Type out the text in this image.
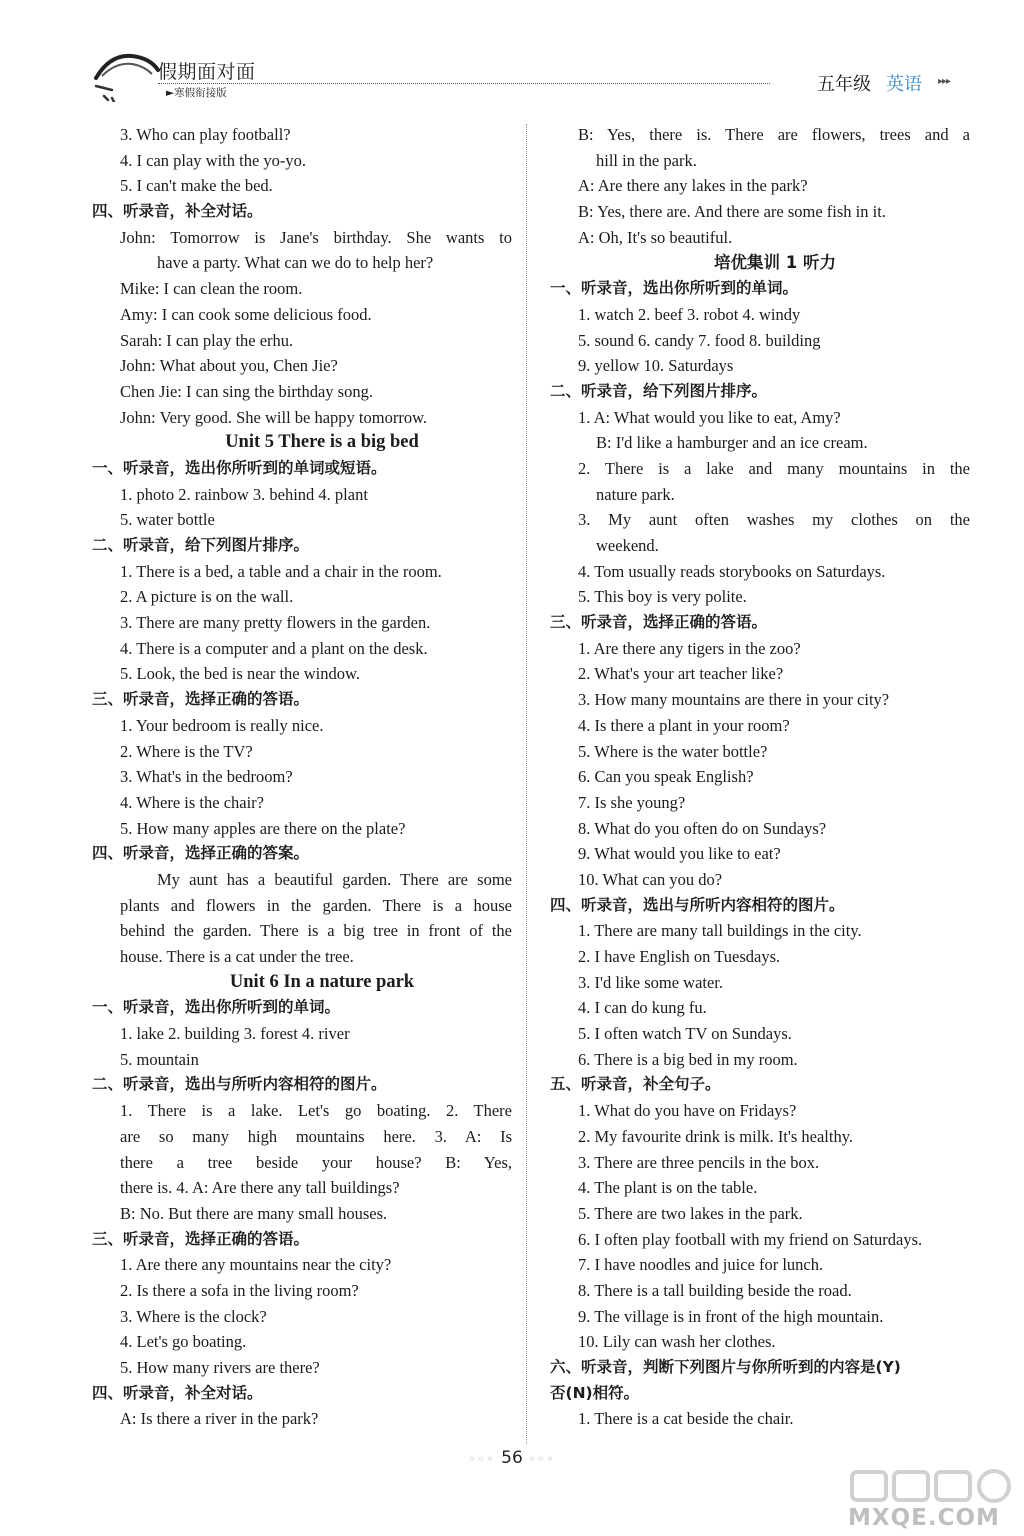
假期面对面
►寒假衔接版	五年级 英语 ▸▸▸
3. Who can play football?
4. I can play with the yo-yo.
5. I can't make the bed.
四、听录音，补全对话。
John: Tomorrow is Jane's birthday. She wants to
have a party. What can we do to help her?
Mike: I can clean the room.
Amy: I can cook some delicious food.
Sarah: I can play the erhu.
John: What about you, Chen Jie?
Chen Jie: I can sing the birthday song.
John: Very good. She will be happy tomorrow.
Unit 5 There is a big bed
一、听录音，选出你所听到的单词或短语。
1. photo 2. rainbow 3. behind 4. plant
5. water bottle
二、听录音，给下列图片排序。
1. There is a bed, a table and a chair in the room.
2. A picture is on the wall.
3. There are many pretty flowers in the garden.
4. There is a computer and a plant on the desk.
5. Look, the bed is near the window.
三、听录音，选择正确的答语。
1. Your bedroom is really nice.
2. Where is the TV?
3. What's in the bedroom?
4. Where is the chair?
5. How many apples are there on the plate?
四、听录音，选择正确的答案。
My aunt has a beautiful garden. There are some
plants and flowers in the garden. There is a house
behind the garden. There is a big tree in front of the
house. There is a cat under the tree.
Unit 6 In a nature park
一、听录音，选出你所听到的单词。
1. lake 2. building 3. forest 4. river
5. mountain
二、听录音，选出与所听内容相符的图片。
1. There is a lake. Let's go boating. 2. There
are so many high mountains here. 3. A: Is
there a tree beside your house? B: Yes,
there is. 4. A: Are there any tall buildings?
B: No. But there are many small houses.
三、听录音，选择正确的答语。
1. Are there any mountains near the city?
2. Is there a sofa in the living room?
3. Where is the clock?
4. Let's go boating.
5. How many rivers are there?
四、听录音，补全对话。
A: Is there a river in the park?
B: Yes, there is. There are flowers, trees and a
hill in the park.
A: Are there any lakes in the park?
B: Yes, there are. And there are some fish in it.
A: Oh, It's so beautiful.
培优集训 1 听力
一、听录音，选出你所听到的单词。
1. watch 2. beef 3. robot 4. windy
5. sound 6. candy 7. food 8. building
9. yellow 10. Saturdays
二、听录音，给下列图片排序。
1. A: What would you like to eat, Amy?
B: I'd like a hamburger and an ice cream.
2. There is a lake and many mountains in the
nature park.
3. My aunt often washes my clothes on the
weekend.
4. Tom usually reads storybooks on Saturdays.
5. This boy is very polite.
三、听录音，选择正确的答语。
1. Are there any tigers in the zoo?
2. What's your art teacher like?
3. How many mountains are there in your city?
4. Is there a plant in your room?
5. Where is the water bottle?
6. Can you speak English?
7. Is she young?
8. What do you often do on Sundays?
9. What would you like to eat?
10. What can you do?
四、听录音，选出与所听内容相符的图片。
1. There are many tall buildings in the city.
2. I have English on Tuesdays.
3. I'd like some water.
4. I can do kung fu.
5. I often watch TV on Sundays.
6. There is a big bed in my room.
五、听录音，补全句子。
1. What do you have on Fridays?
2. My favourite drink is milk. It's healthy.
3. There are three pencils in the box.
4. The plant is on the table.
5. There are two lakes in the park.
6. I often play football with my friend on Saturdays.
7. I have noodles and juice for lunch.
8. There is a tall building beside the road.
9. The village is in front of the high mountain.
10. Lily can wash her clothes.
六、听录音，判断下列图片与你所听到的内容是(Y)
否(N)相符。
1. There is a cat beside the chair.
◦◦◦ 56 ◦◦◦
MXQE.COM
